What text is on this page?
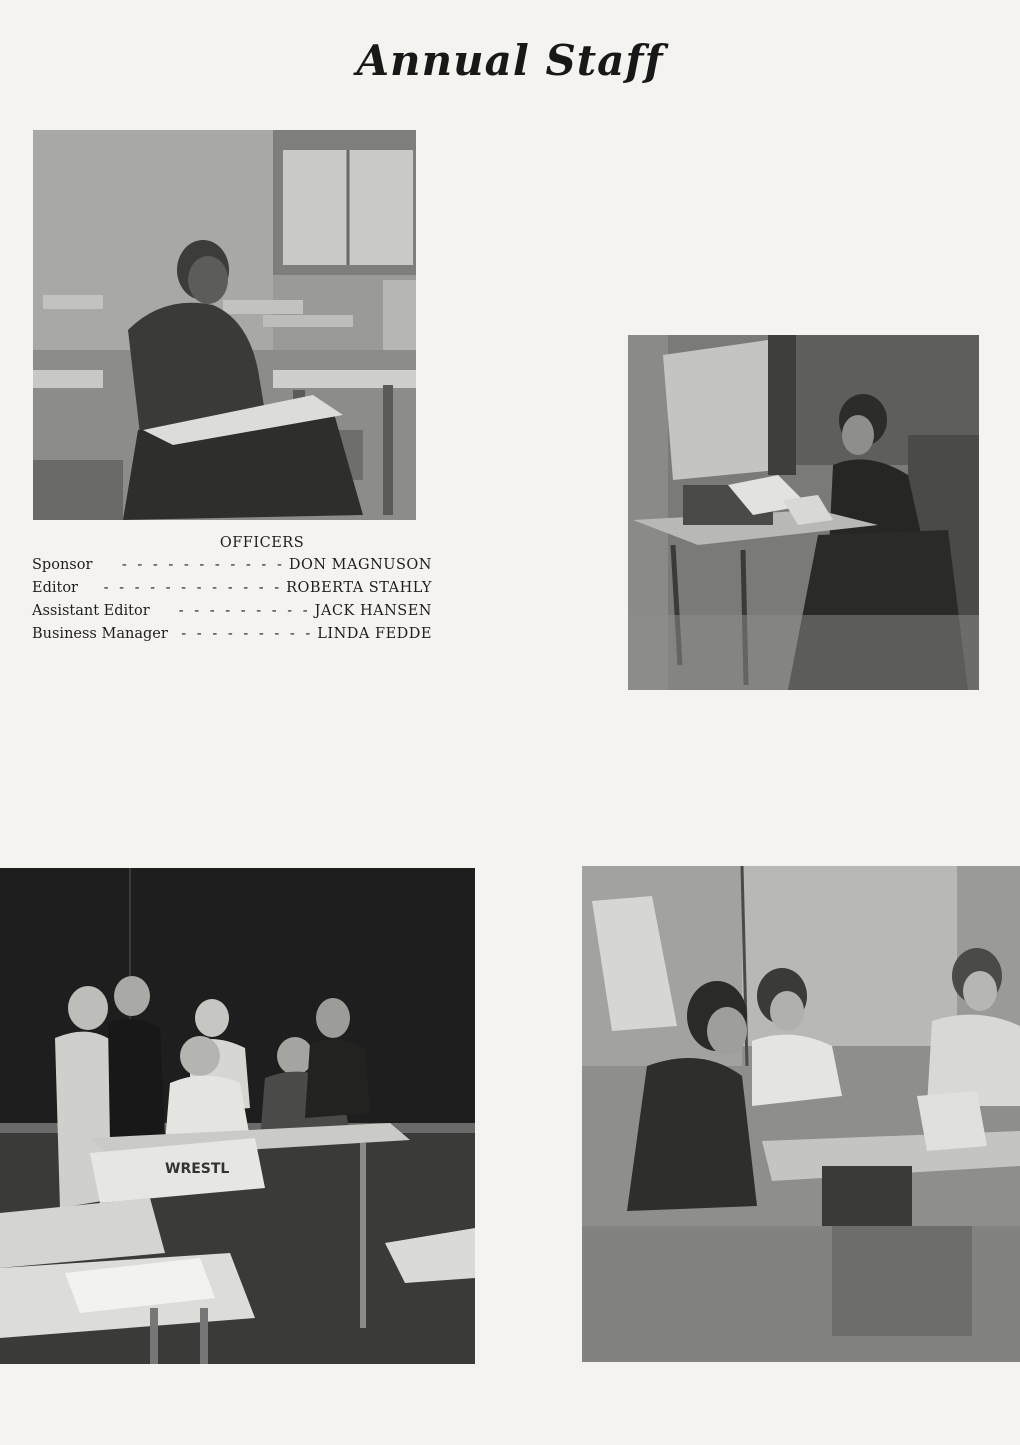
Annual Staff
OFFICERS
Sponsor	- - - - - - - - - - - DON MAGNUSON
Editor	- - - - - - - - - - - - ROBERTA STAHLY
Assistant Editor	- - - - - - - - - JACK HANSEN
Business Manager - - - - - - - - - LINDA FEDDE
WRESTL
